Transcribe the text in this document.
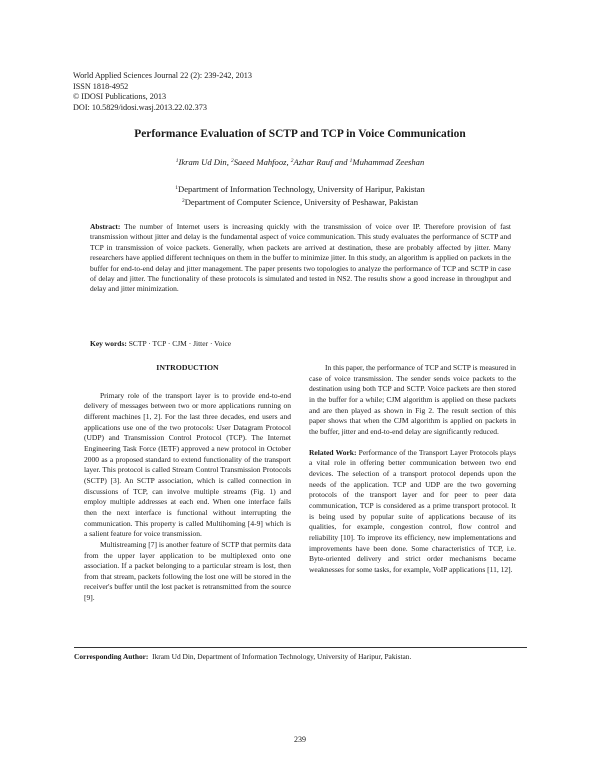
World Applied Sciences Journal 22 (2): 239-242, 2013
ISSN 1818-4952
© IDOSI Publications, 2013
DOI: 10.5829/idosi.wasj.2013.22.02.373
Performance Evaluation of SCTP and TCP in Voice Communication
$^1$Ikram Ud Din, $^2$Saeed Mahfooz, $^2$Azhar Rauf and $^1$Muhammad Zeeshan
$^1$Department of Information Technology, University of Haripur, Pakistan
$^2$Department of Computer Science, University of Peshawar, Pakistan
Abstract: The number of Internet users is increasing quickly with the transmission of voice over IP. Therefore provision of fast transmission without jitter and delay is the fundamental aspect of voice communication. This study evaluates the performance of SCTP and TCP in transmission of voice packets. Generally, when packets are arrived at destination, these are probably affected by jitter. Many researchers have applied different techniques on them in the buffer to minimize jitter. In this study, an algorithm is applied on packets in the buffer for end-to-end delay and jitter management. The paper presents two topologies to analyze the performance of TCP and SCTP in case of delay and jitter. The functionality of these protocols is simulated and tested in NS2. The results show a good increase in throughput and delay and jitter minimization.
Key words: SCTP · TCP · CJM · Jitter · Voice

INTRODUCTION

Primary role of the transport layer is to provide end-to-end delivery of messages between two or more applications running on different machines [1, 2]. For the last three decades, end users and applications use one of the two protocols: User Datagram Protocol (UDP) and Transmission Control Protocol (TCP). The Internet Engineering Task Force (IETF) approved a new protocol in October 2000 as a proposed standard to extend functionality of the transport layer. This protocol is called Stream Control Transmission Protocols (SCTP) [3]. An SCTP association, which is called connection in discussions of TCP, can involve multiple streams (Fig. 1) and employ multiple addresses at each end. When one interface fails then the next interface is functional without interrupting the communication. This property is called Multihoming [4-9] which is a salient feature for voice transmission.

Multistreaming [7] is another feature of SCTP that permits data from the upper layer application to be multiplexed onto one association. If a packet belonging to a particular stream is lost, then from that stream, packets following the lost one will be stored in the receiver's buffer until the lost packet is retransmitted from the source [9].

In this paper, the performance of TCP and SCTP is measured in case of voice transmission. The sender sends voice packets to the destination using both TCP and SCTP. Voice packets are then stored in the buffer for a while; CJM algorithm is applied on these packets and are then played as shown in Fig 2. The result section of this paper shows that when the CJM algorithm is applied on packets in the buffer, jitter and end-to-end delay are significantly reduced.

Related Work: Performance of the Transport Layer Protocols plays a vital role in offering better communication between two end devices. The selection of a transport protocol depends upon the needs of the application. TCP and UDP are the two governing protocols of the transport layer and for peer to peer data communication, TCP is considered as a prime transport protocol. It is being used by popular suite of applications because of its qualities, for example, congestion control, flow control and reliability [10]. To improve its efficiency, new implementations and improvements have been done. Some characteristics of TCP, i.e. Byte-oriented delivery and strict order mechanisms became weaknesses for some tasks, for example, VoIP applications [11, 12].

Corresponding Author: Ikram Ud Din, Department of Information Technology, University of Haripur, Pakistan.
239
